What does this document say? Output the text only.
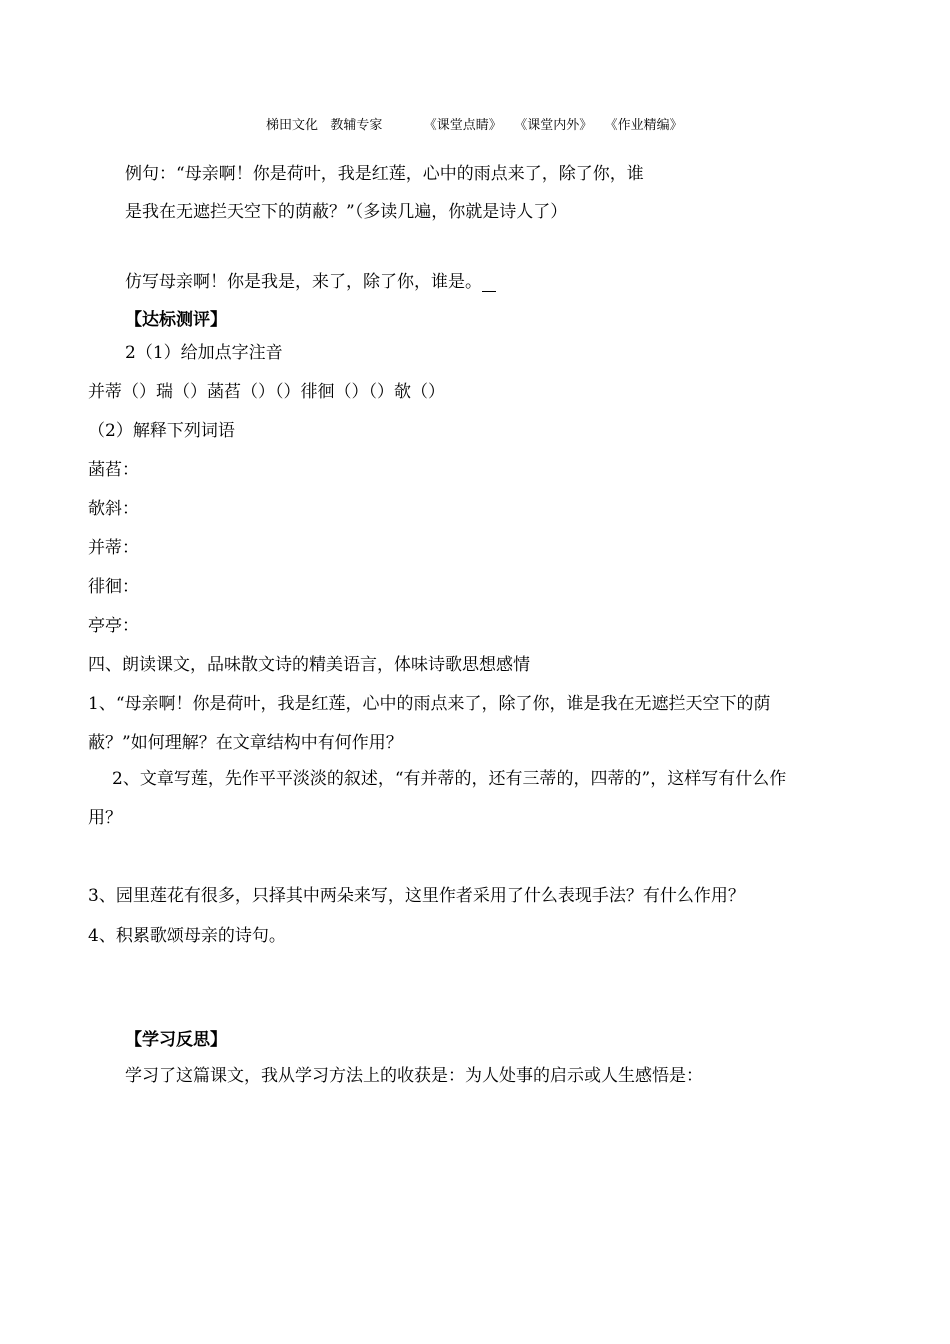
梯田文化 教辅专家	《课堂点睛》 《课堂内外》 《作业精编》
例句：“母亲啊！你是荷叶，我是红莲，心中的雨点来了，除了你，谁
是我在无遮拦天空下的荫蔽？”（多读几遍，你就是诗人了）
仿写母亲啊！你是我是，来了，除了你，谁是。
【达标测评】
2（1）给加点字注音
并蒂（）瑞（）菡萏（）（）徘徊（）（）欹（）
（2）解释下列词语
菡萏：
欹斜：
并蒂：
徘徊：
亭亭：
四、朗读课文，品味散文诗的精美语言，体味诗歌思想感情
1、“母亲啊！你是荷叶，我是红莲，心中的雨点来了，除了你，谁是我在无遮拦天空下的荫
蔽？”如何理解？在文章结构中有何作用？
2、文章写莲，先作平平淡淡的叙述，“有并蒂的，还有三蒂的，四蒂的”，这样写有什么作
用？
3、园里莲花有很多，只择其中两朵来写，这里作者采用了什么表现手法？有什么作用？
4、积累歌颂母亲的诗句。
【学习反思】
学习了这篇课文，我从学习方法上的收获是：为人处事的启示或人生感悟是：
